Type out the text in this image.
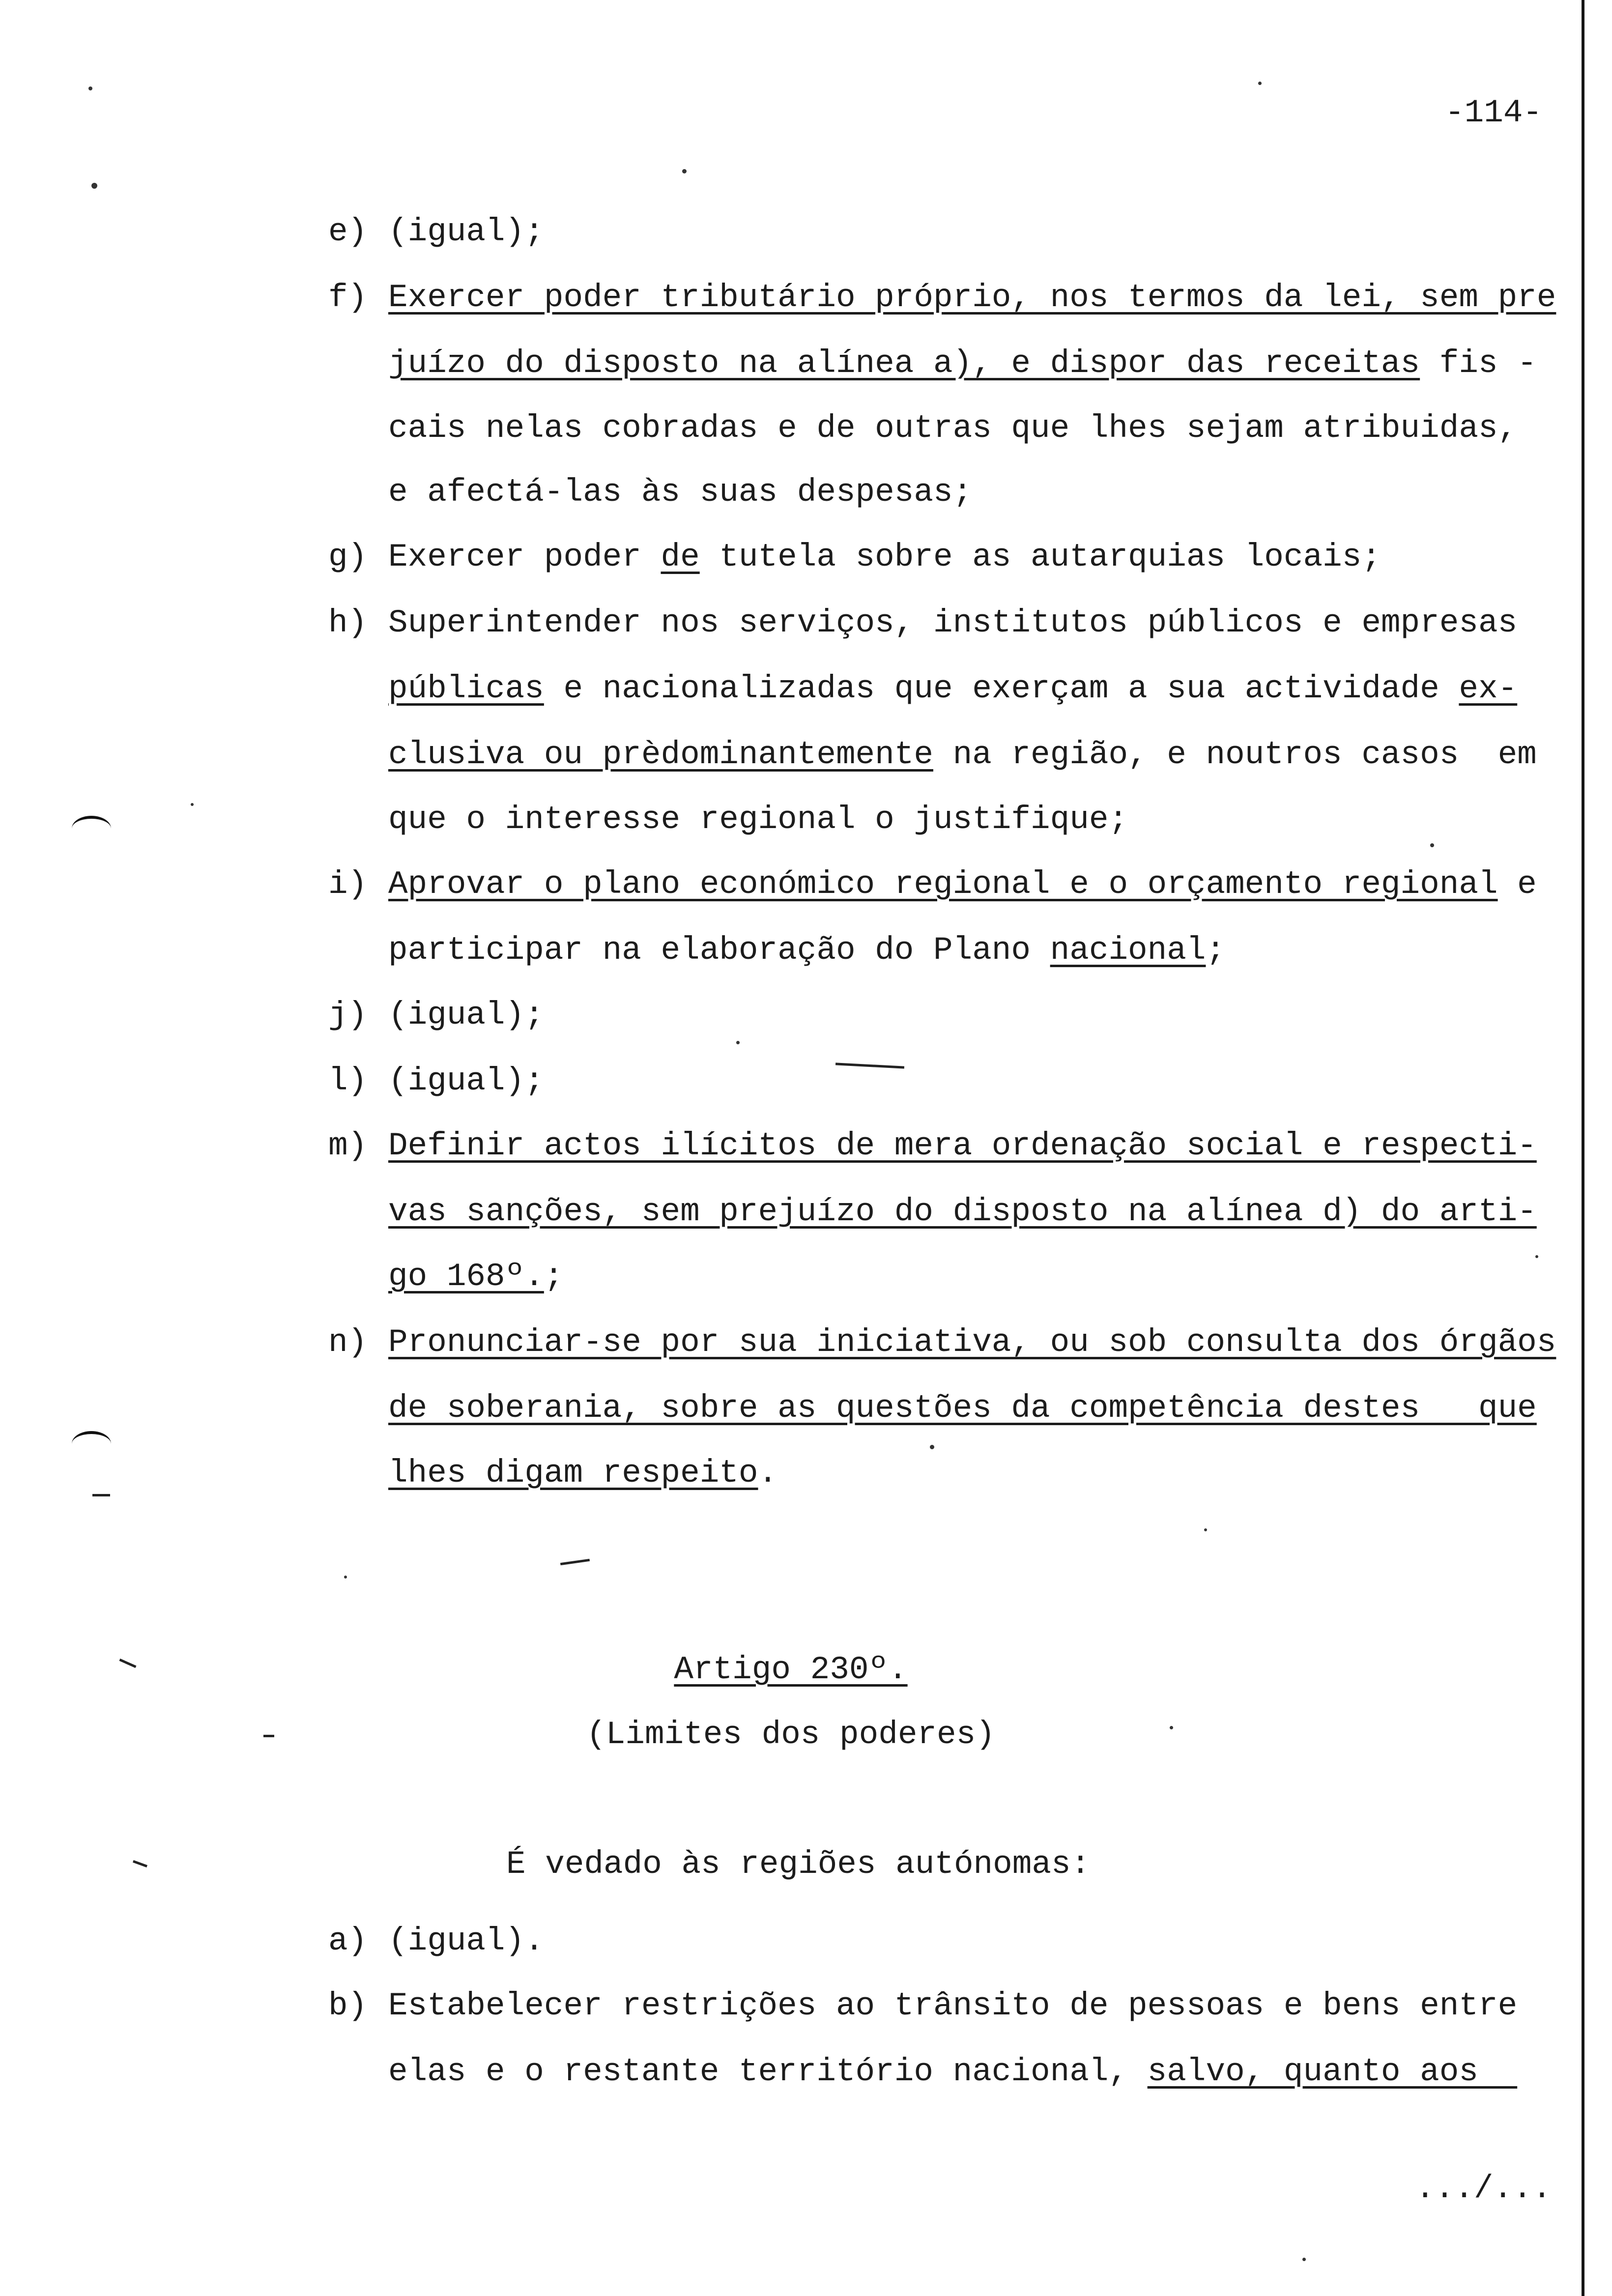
-114-
e) (igual);
f) Exercer poder tributário próprio, nos termos da lei, sem pre
juízo do disposto na alínea a), e dispor das receitas fis -
cais nelas cobradas e de outras que lhes sejam atribuidas,
e afectá-las às suas despesas;
g) Exercer poder de tutela sobre as autarquias locais;
h) Superintender nos serviços, institutos públicos e empresas
públicas e nacionalizadas que exerçam a sua actividade ex-
clusiva ou prèdominantemente na região, e noutros casos  em
que o interesse regional o justifique;
i) Aprovar o plano económico regional e o orçamento regional e
participar na elaboração do Plano nacional;
j) (igual);
l) (igual);
m) Definir actos ilícitos de mera ordenação social e respecti-
vas sanções, sem prejuízo do disposto na alínea d) do arti-
go 168º.;
n) Pronunciar-se por sua iniciativa, ou sob consulta dos órgãos
de soberania, sobre as questões da competência destes   que
lhes digam respeito.
Artigo 230º.
(Limites dos poderes)
É vedado às regiões autónomas:
a) (igual).
b) Estabelecer restrições ao trânsito de pessoas e bens entre
elas e o restante território nacional, salvo, quanto aos
.../...
